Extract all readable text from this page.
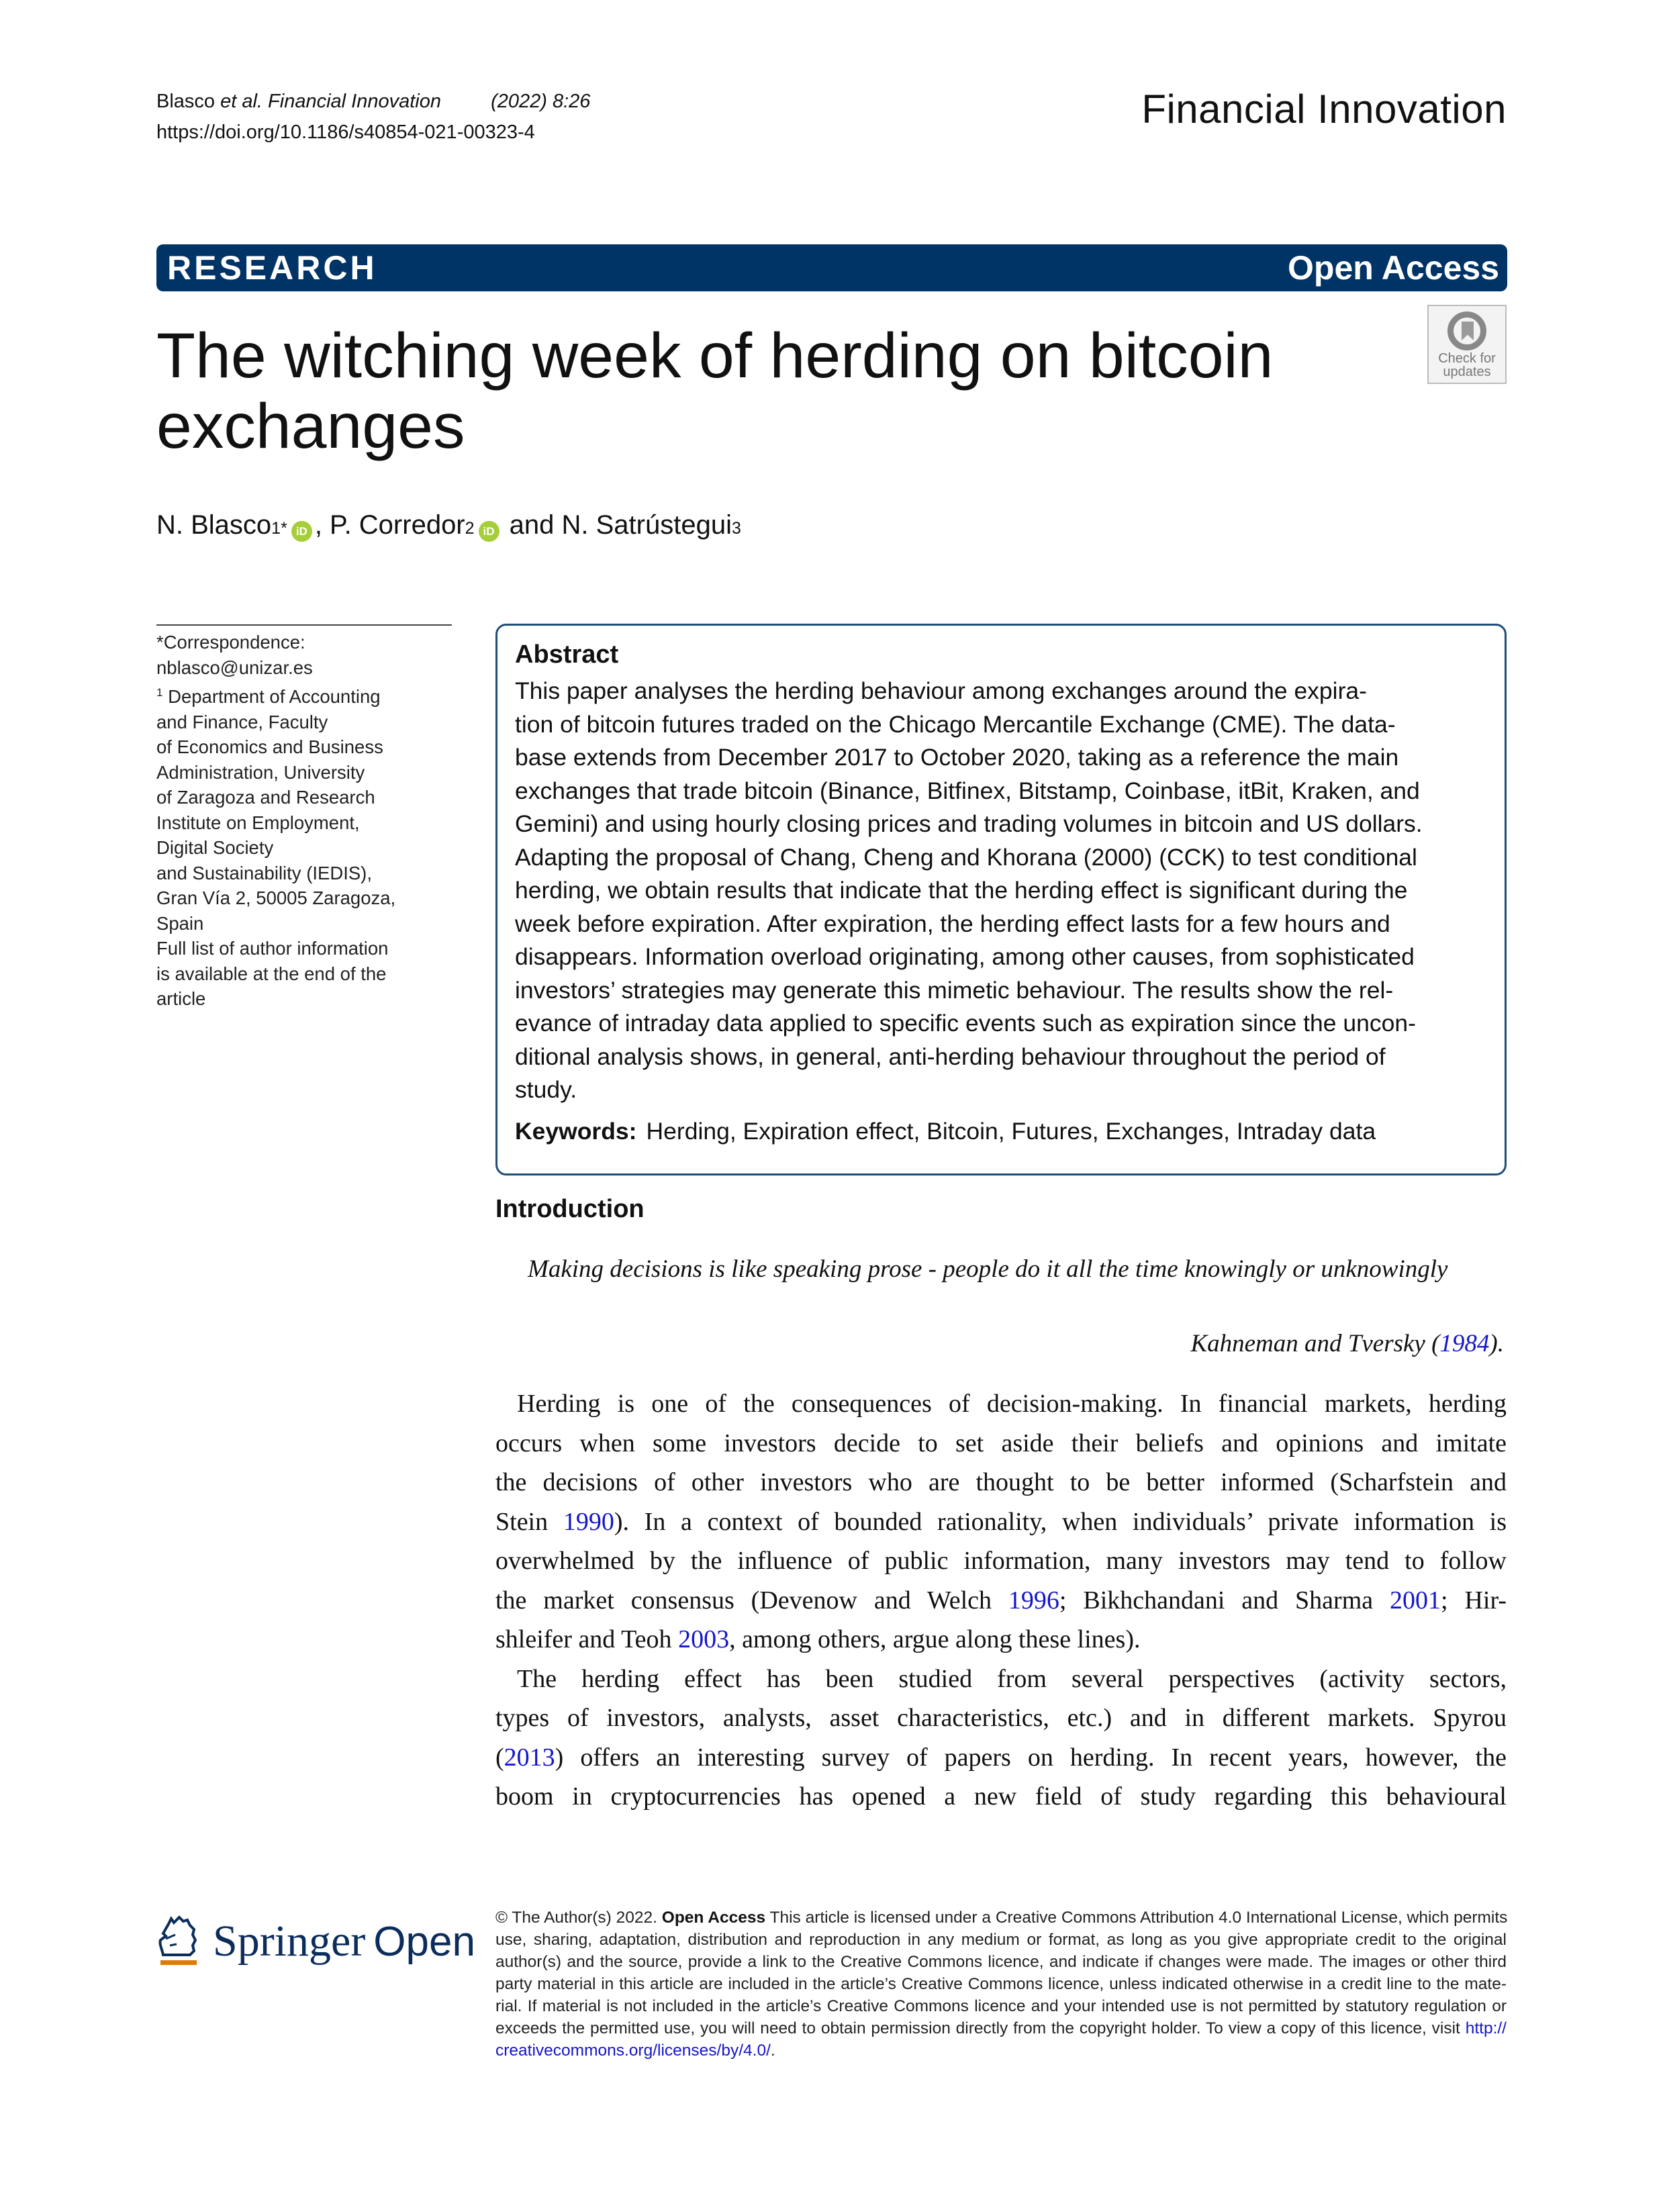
Blasco et al. Financial Innovation	(2022) 8:26
https://doi.org/10.1186/s40854-021-00323-4
Financial Innovation
RESEARCH	Open Access
The witching week of herding on bitcoin
exchanges
Check for
updates
N. Blasco 1* iD , P. Corredor 2 iD and N. Satrústegui 3
*Correspondence:
nblasco@unizar.es
$^1$ Department of Accounting
and Finance, Faculty
of Economics and Business
Administration, University
of Zaragoza and Research
Institute on Employment,
Digital Society
and Sustainability (IEDIS),
Gran Vía 2, 50005 Zaragoza,
Spain
Full list of author information
is available at the end of the
article
Abstract
This paper analyses the herding behaviour among exchanges around the expira-
tion of bitcoin futures traded on the Chicago Mercantile Exchange (CME). The data-
base extends from December 2017 to October 2020, taking as a reference the main
exchanges that trade bitcoin (Binance, Bitfinex, Bitstamp, Coinbase, itBit, Kraken, and
Gemini) and using hourly closing prices and trading volumes in bitcoin and US dollars.
Adapting the proposal of Chang, Cheng and Khorana (2000) (CCK) to test conditional
herding, we obtain results that indicate that the herding effect is significant during the
week before expiration. After expiration, the herding effect lasts for a few hours and
disappears. Information overload originating, among other causes, from sophisticated
investors’ strategies may generate this mimetic behaviour. The results show the rel-
evance of intraday data applied to specific events such as expiration since the uncon-
ditional analysis shows, in general, anti-herding behaviour throughout the period of
study.
Keywords: Herding, Expiration effect, Bitcoin, Futures, Exchanges, Intraday data
Introduction
Making decisions is like speaking prose - people do it all the time knowingly or unknowingly
Kahneman and Tversky (1984).

Herding is one of the consequences of decision-making. In financial markets, herding
occurs when some investors decide to set aside their beliefs and opinions and imitate
the decisions of other investors who are thought to be better informed (Scharfstein and
Stein 1990). In a context of bounded rationality, when individuals’ private information is
overwhelmed by the influence of public information, many investors may tend to follow
the market consensus (Devenow and Welch 1996; Bikhchandani and Sharma 2001; Hir-
shleifer and Teoh 2003, among others, argue along these lines).

The herding effect has been studied from several perspectives (activity sectors,
types of investors, analysts, asset characteristics, etc.) and in different markets. Spyrou
(2013) offers an interesting survey of papers on herding. In recent years, however, the
boom in cryptocurrencies has opened a new field of study regarding this behavioural

Springer Open
© The Author(s) 2022. Open Access This article is licensed under a Creative Commons Attribution 4.0 International License, which permits
use, sharing, adaptation, distribution and reproduction in any medium or format, as long as you give appropriate credit to the original
author(s) and the source, provide a link to the Creative Commons licence, and indicate if changes were made. The images or other third
party material in this article are included in the article’s Creative Commons licence, unless indicated otherwise in a credit line to the mate-
rial. If material is not included in the article’s Creative Commons licence and your intended use is not permitted by statutory regulation or
exceeds the permitted use, you will need to obtain permission directly from the copyright holder. To view a copy of this licence, visit http://
creativecommons.org/licenses/by/4.0/.
